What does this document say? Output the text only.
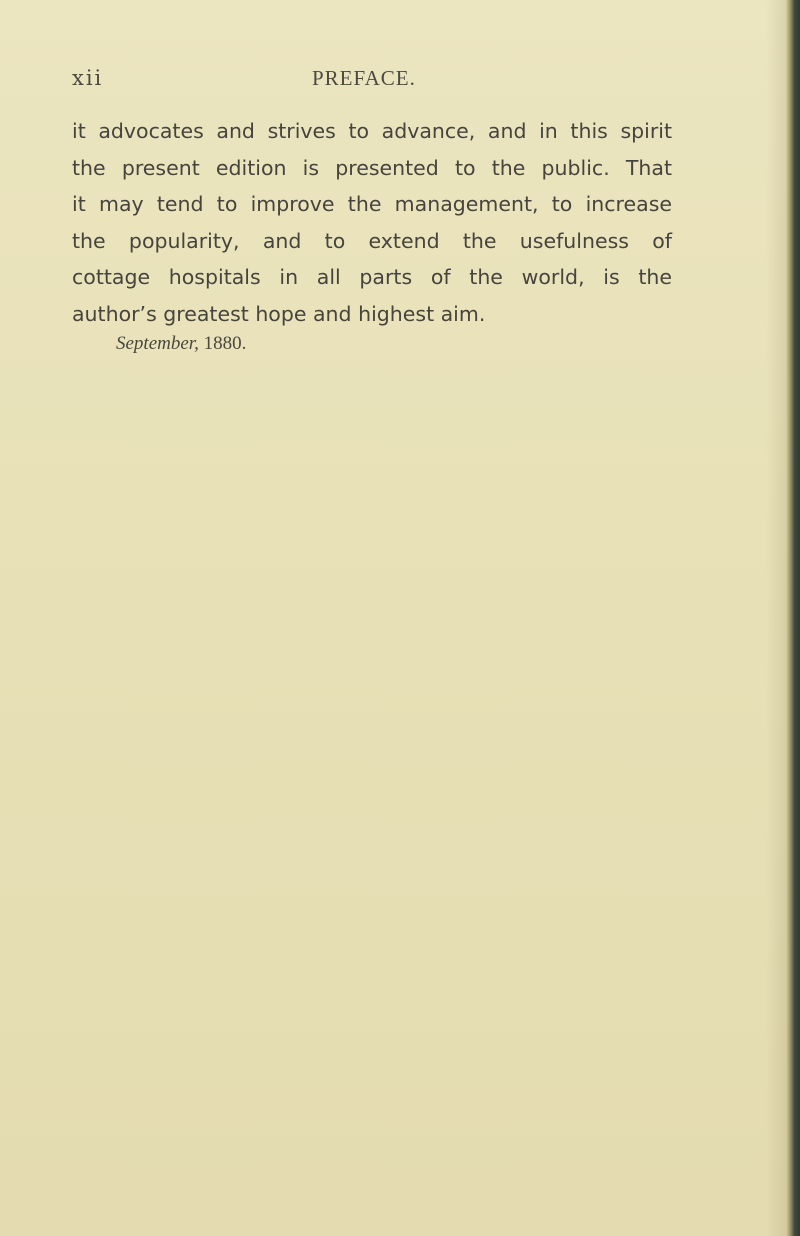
xii	PREFACE.

it advocates and strives to advance, and in this spirit
the present edition is presented to the public. That
it may tend to improve the management, to increase
the popularity, and to extend the usefulness of
cottage hospitals in all parts of the world, is the
author’s greatest hope and highest aim.

September, 1880.
